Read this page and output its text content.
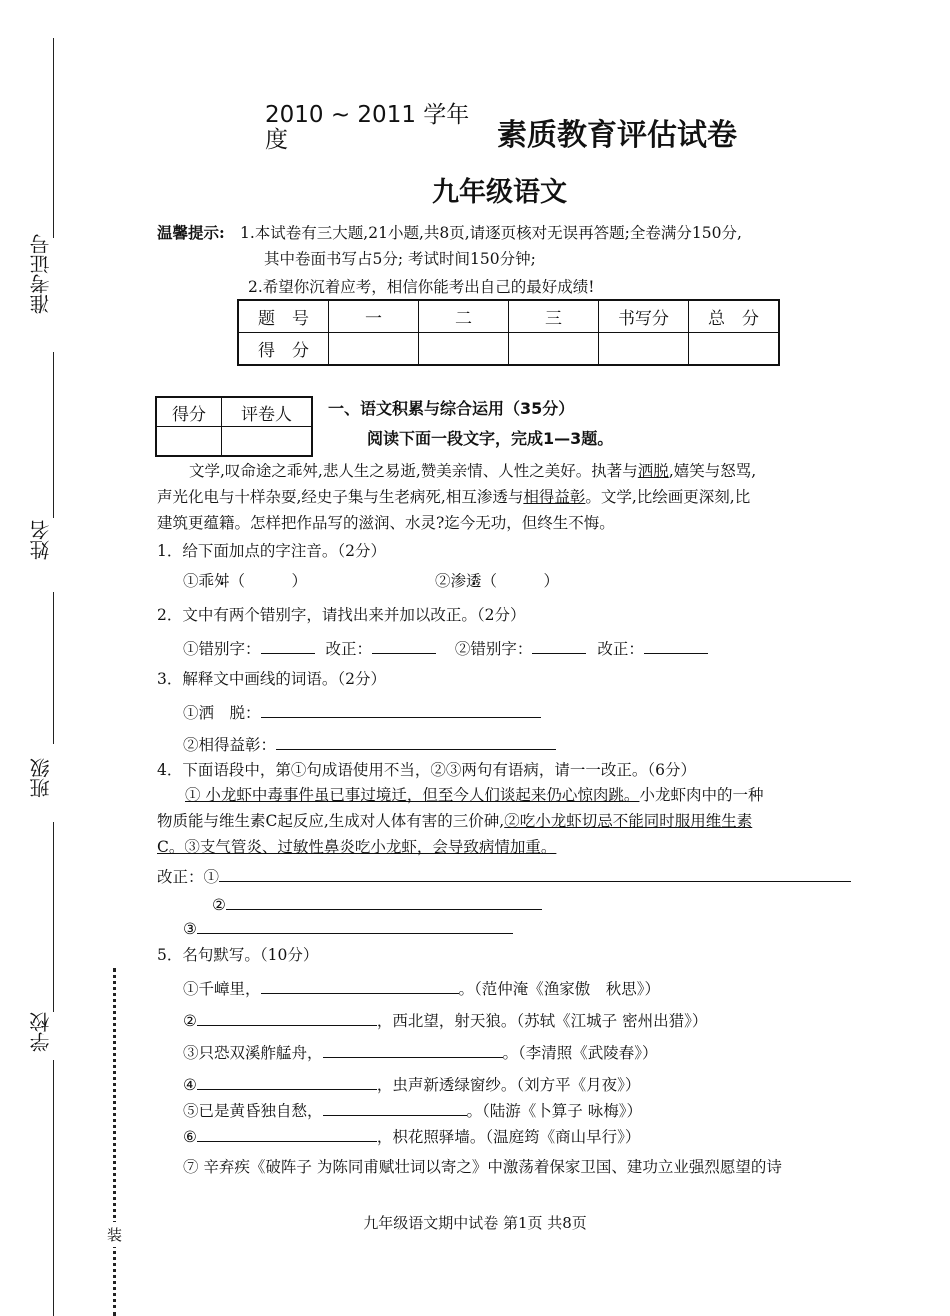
准考证号
姓名
班级
学校
装
2010 ~ 2011 学年度	素质教育评估试卷
九年级语文
温馨提示: 1.本试卷有三大题,21小题,共8页,请逐页核对无误再答题;全卷满分150分,
其中卷面书写占5分; 考试时间150分钟;
2.希望你沉着应考，相信你能考出自己的最好成绩!
题　号	一	二	三	书写分	总　分
得　分					
得分	评卷人
	一、语文积累与综合运用（35分）
阅读下面一段文字，完成1—3题。
文学,叹命途之乖舛,悲人生之易逝,赞美亲情、人性之美好。执著与洒脱,嬉笑与怒骂,
声光化电与十样杂耍,经史子集与生老病死,相互渗透与相得益彰。文学,比绘画更深刻,比
建筑更蕴籍。怎样把作品写的滋润、水灵?迄今无功，但终生不悔。
1．给下面加点的字注音。（2分）
①乖舛（　　　）	②渗透（　　　）
2．文中有两个错别字，请找出来并加以改正。（2分）
①错别字：	改正：	②错别字：	改正：
3．解释文中画线的词语。（2分）
①洒　脱：
②相得益彰：
4．下面语段中，第①句成语使用不当，②③两句有语病，请一一改正。（6分）
① 小龙虾中毒事件虽已事过境迁，但至今人们谈起来仍心惊肉跳。小龙虾肉中的一种
物质能与维生素C起反应,生成对人体有害的三价砷,②吃小龙虾切忌不能同时服用维生素
C。③支气管炎、过敏性鼻炎吃小龙虾，会导致病情加重。
改正：①
②
③
5．名句默写。（10分）
①千嶂里，	。（范仲淹《渔家傲　秋思》）
②	，西北望，射天狼。（苏轼《江城子 密州出猎》）
③只恐双溪舴艋舟，	。（李清照《武陵春》）
④	，虫声新透绿窗纱。（刘方平《月夜》）
⑤已是黄昏独自愁，	。（陆游《卜算子 咏梅》）
⑥	，枳花照驿墙。（温庭筠《商山早行》）
⑦ 辛弃疾《破阵子 为陈同甫赋壮词以寄之》中激荡着保家卫国、建功立业强烈愿望的诗
九年级语文期中试卷 第1页 共8页
